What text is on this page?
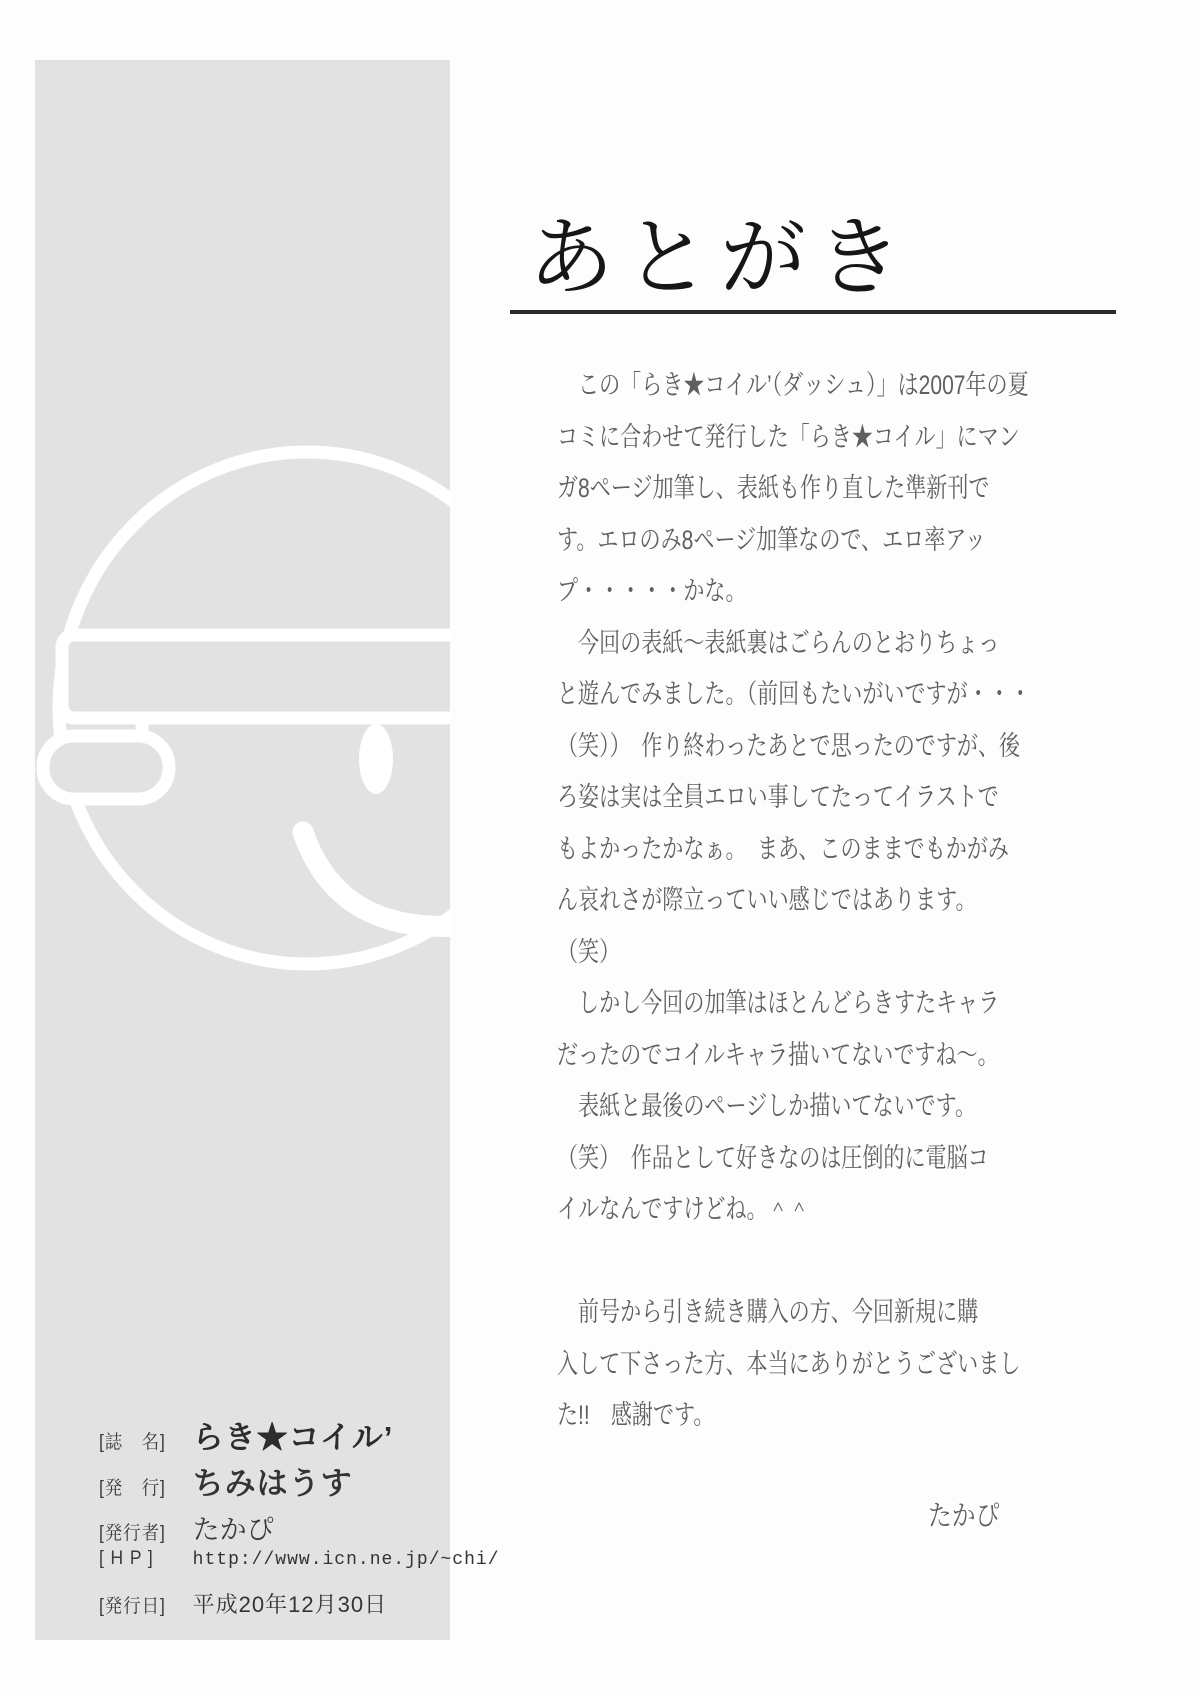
あとがき
　この「らき★コイル’（ダッシュ）」は2007年の夏
コミに合わせて発行した「らき★コイル」にマン
ガ8ページ加筆し、表紙も作り直した準新刊で
す。エロのみ8ページ加筆なので、エロ率アッ
プ・・・・・かな。
　今回の表紙〜表紙裏はごらんのとおりちょっ
と遊んでみました。（前回もたいがいですが・・・
（笑））　作り終わったあとで思ったのですが、後
ろ姿は実は全員エロい事してたってイラストで
もよかったかなぁ。　まあ、このままでもかがみ
ん哀れさが際立っていい感じではあります。
（笑）
　しかし今回の加筆はほとんどらきすたキャラ
だったのでコイルキャラ描いてないですね〜。
　表紙と最後のページしか描いてないです。
（笑）　作品として好きなのは圧倒的に電脳コ
イルなんですけどね。＾＾
　前号から引き続き購入の方、今回新規に購
入して下さった方、本当にありがとうございまし
た!!　感謝です。
たかぴ

[誌　名] らき★コイル’

[発　行] ちみはうす

[発行者] たかぴ

[ H P ] http://www.icn.ne.jp/~chi/

[発行日] 平成20年12月30日
